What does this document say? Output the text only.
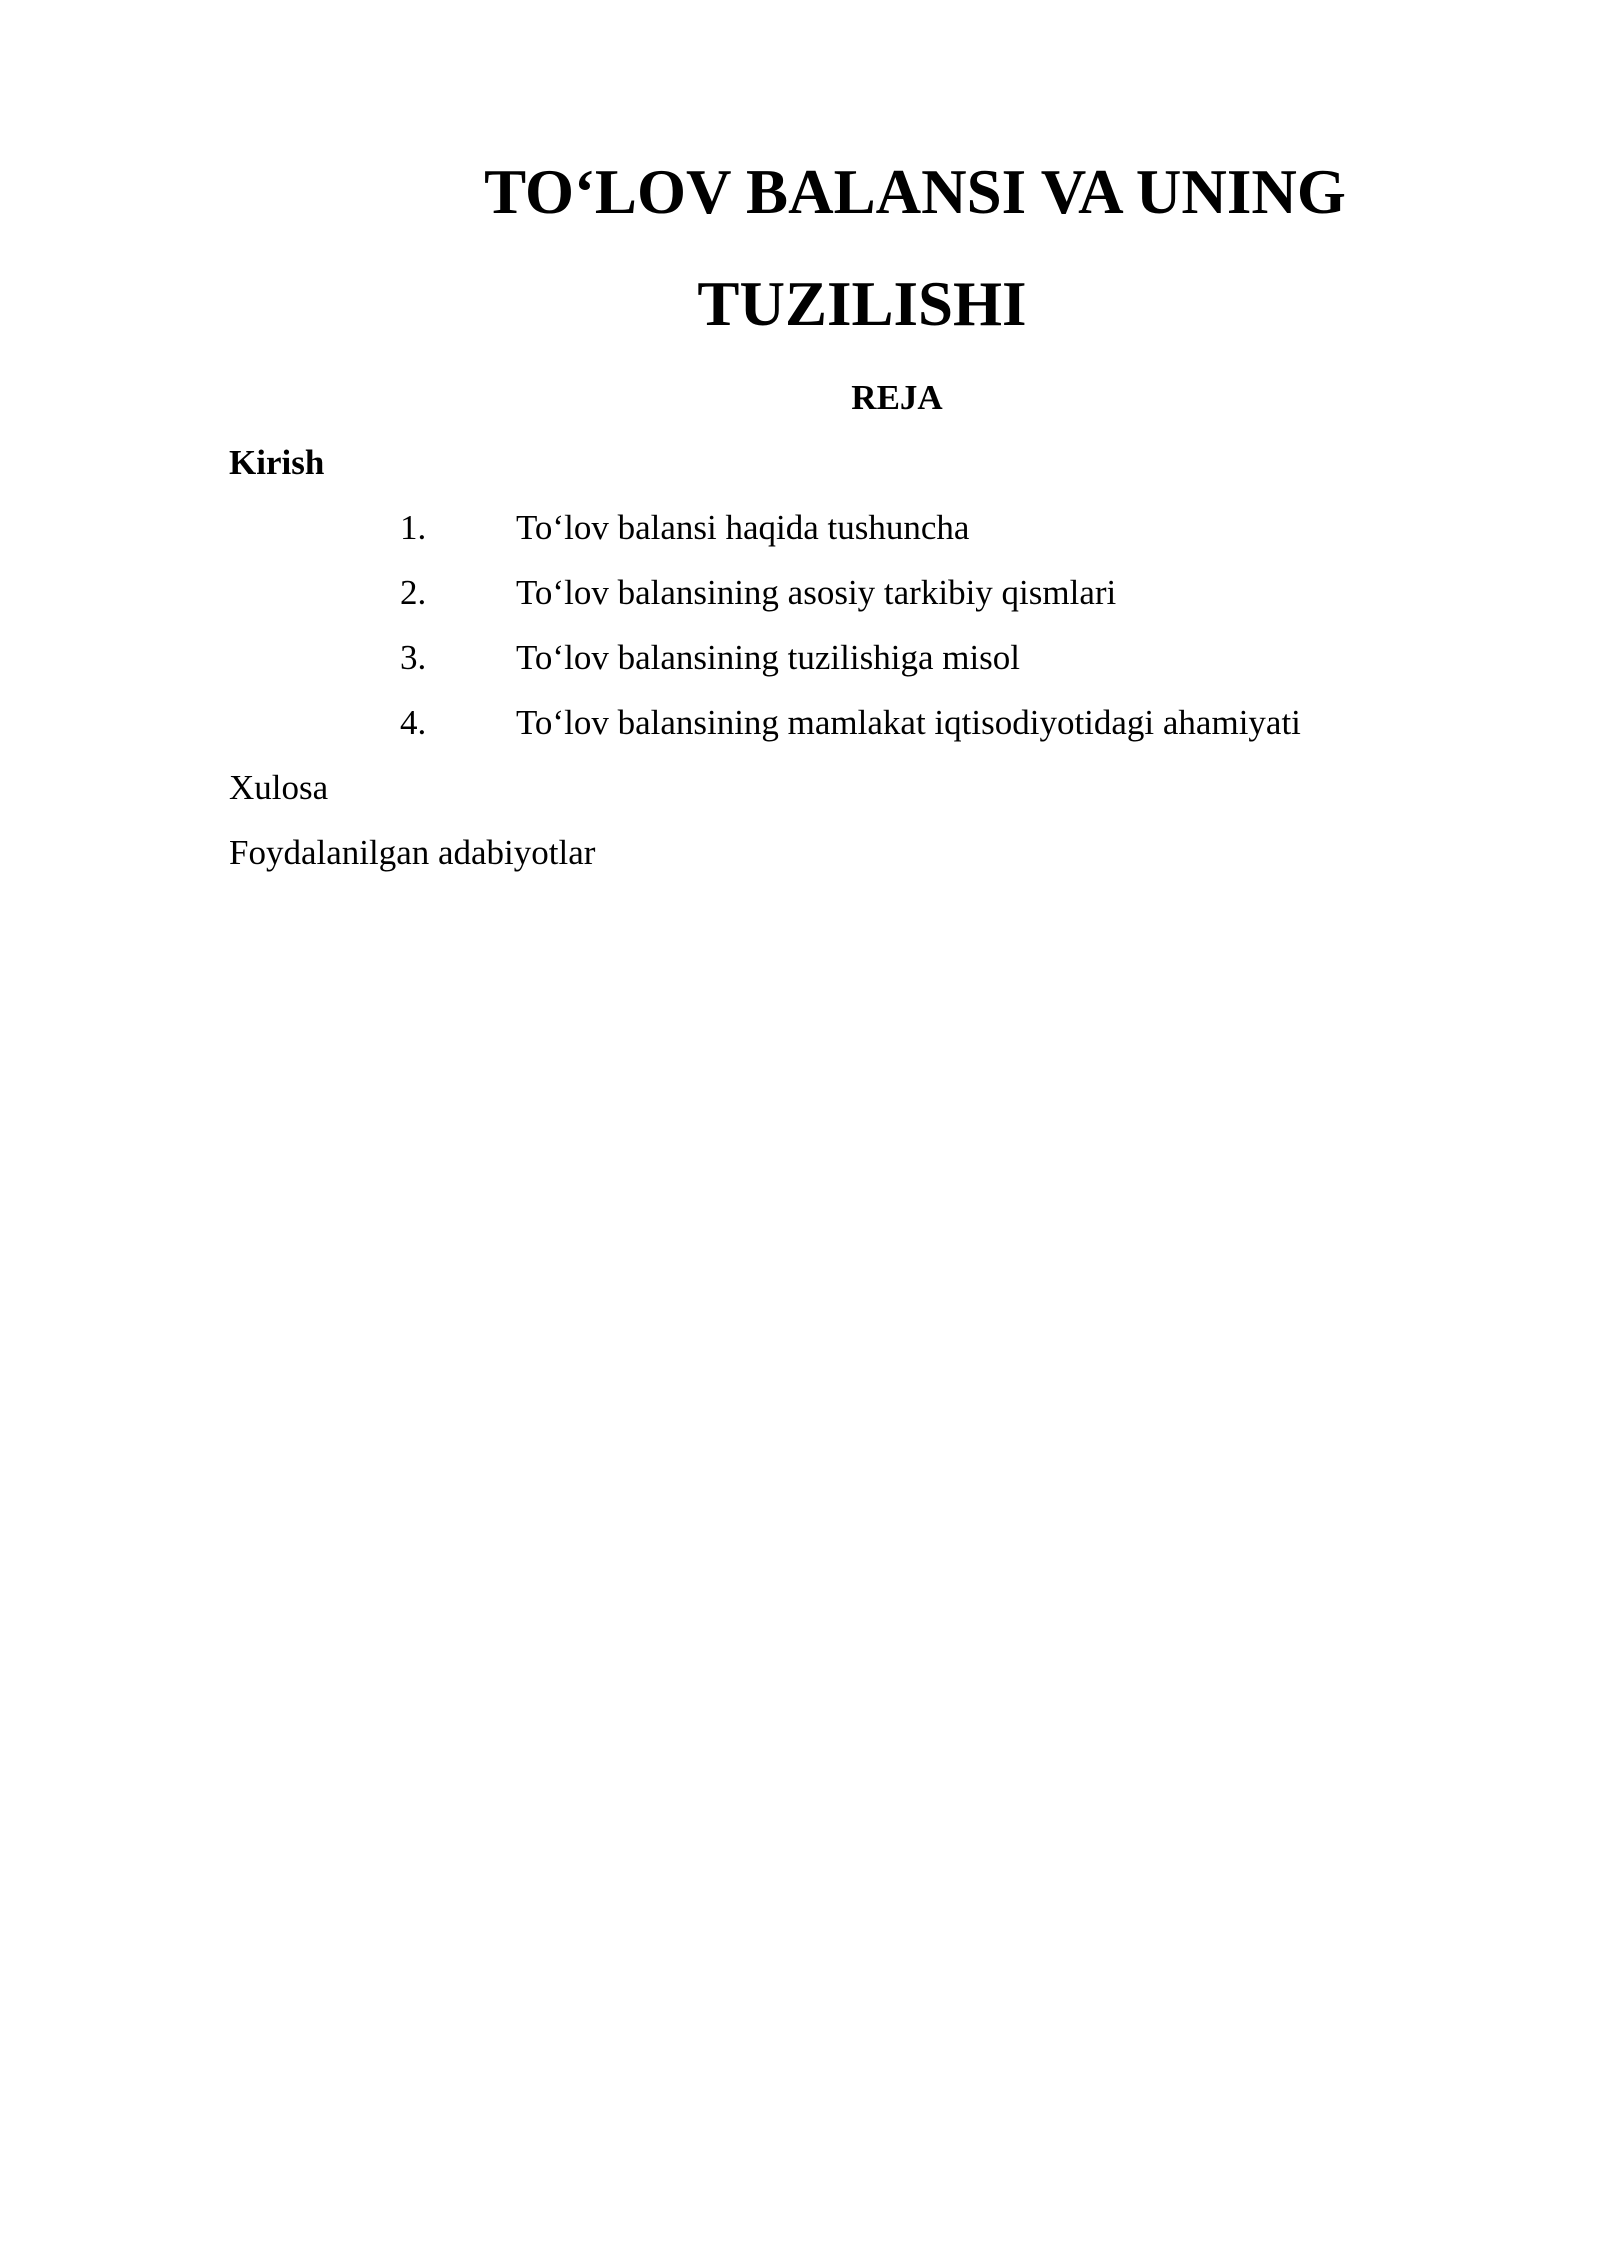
TO‘LOV BALANSI VA UNING
TUZILISHI
REJA

Kirish

1.	To‘lov balansi haqida tushuncha

2.	To‘lov balansining asosiy tarkibiy qismlari

3.	To‘lov balansining tuzilishiga misol

4.	To‘lov balansining mamlakat iqtisodiyotidagi ahamiyati

Xulosa

Foydalanilgan adabiyotlar
